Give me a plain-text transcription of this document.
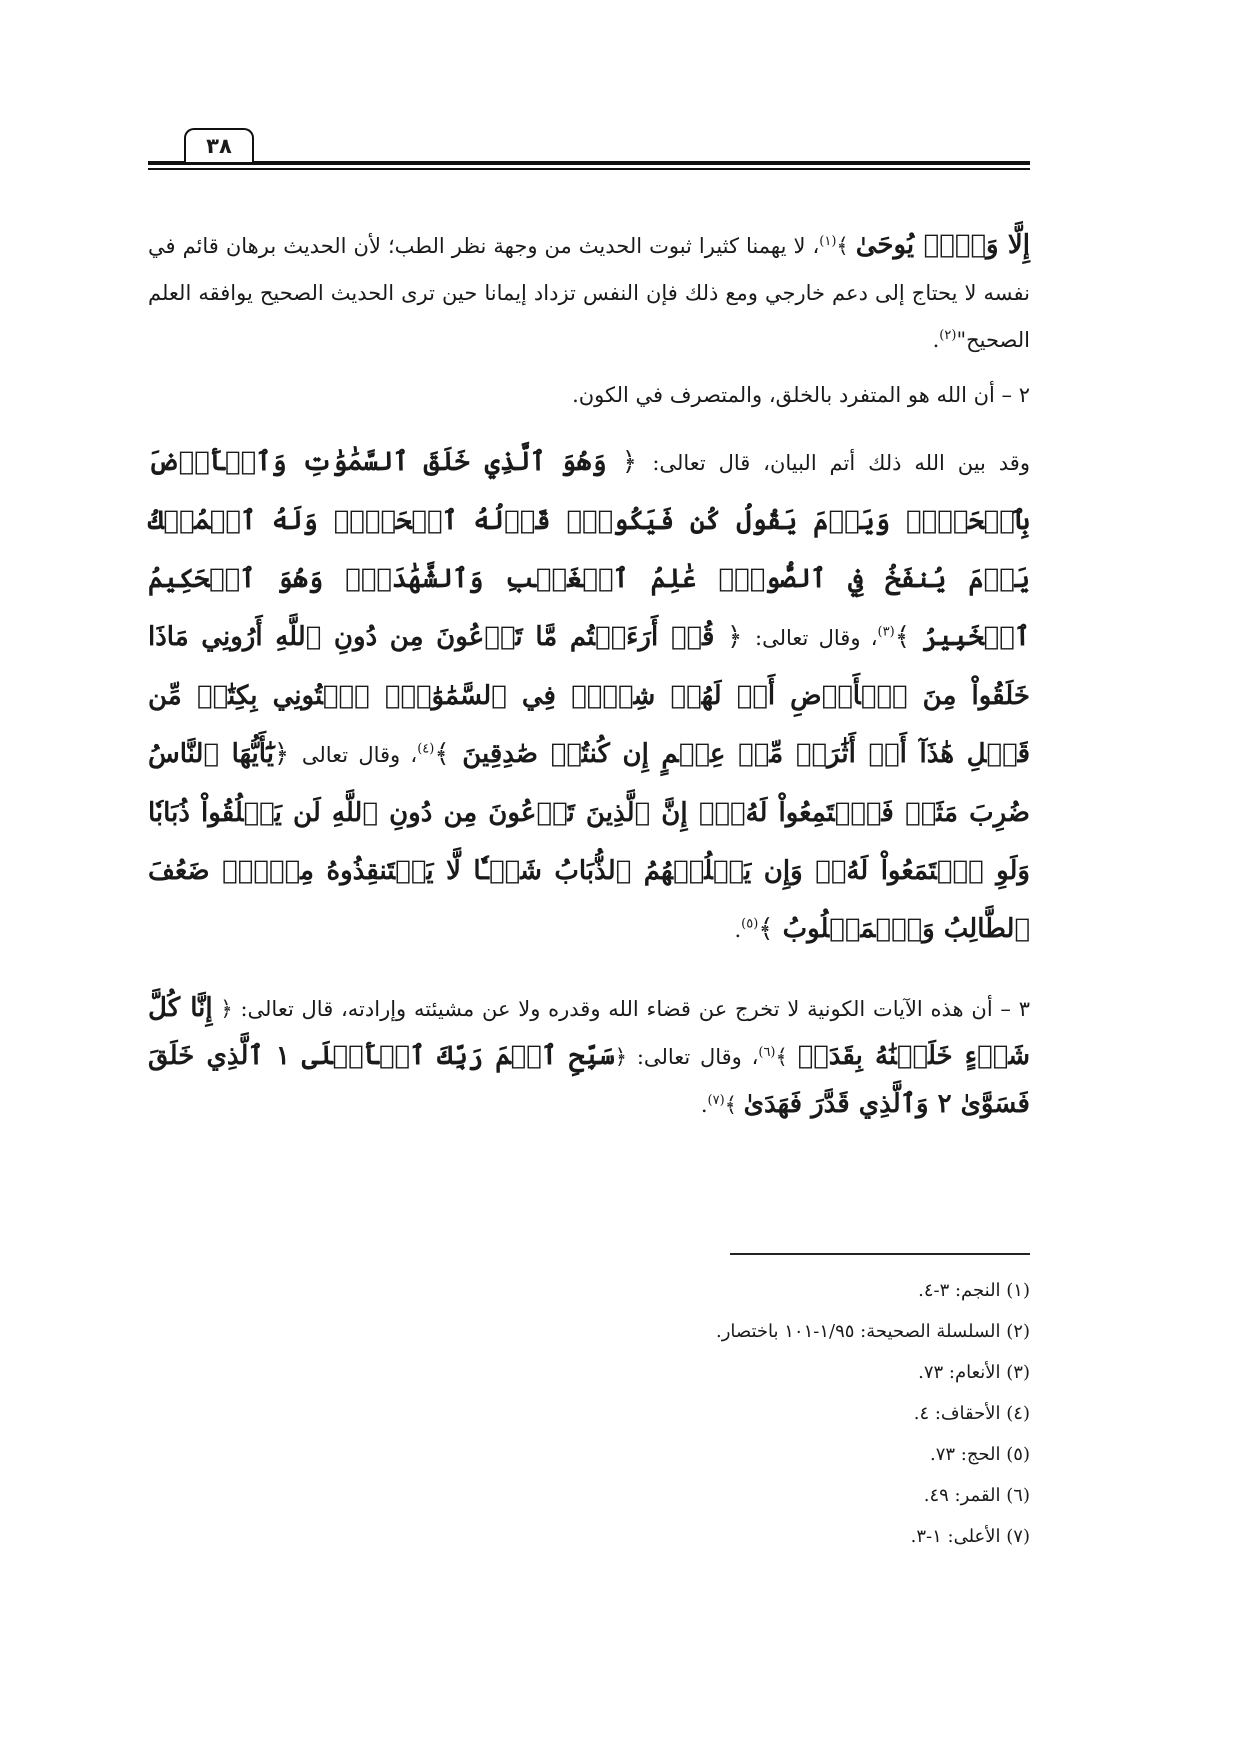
٣٨

إِلَّا وَحۡيٞ يُوحَىٰ ﴾$^{(١)}$، لا يهمنا كثيرا ثبوت الحديث من وجهة نظر الطب؛ لأن الحديث برهان قائم في نفسه لا يحتاج إلى دعم خارجي ومع ذلك فإن النفس تزداد إيمانا حين ترى الحديث الصحيح يوافقه العلم الصحيح"$^{(٢)}$.

٢ – أن الله هو المتفرد بالخلق، والمتصرف في الكون.

وقد بين الله ذلك أتم البيان، قال تعالى: ﴿ وَهُوَ ٱلَّذِي خَلَقَ ٱلسَّمَٰوَٰتِ وَٱلۡأَرۡضَ بِٱلۡحَقِّۖ وَيَوۡمَ يَقُولُ كُن فَيَكُونُۚ قَوۡلُهُ ٱلۡحَقُّۚ وَلَهُ ٱلۡمُلۡكُ يَوۡمَ يُنفَخُ فِي ٱلصُّورِۚ عَٰلِمُ ٱلۡغَيۡبِ وَٱلشَّهَٰدَةِۚ وَهُوَ ٱلۡحَكِيمُ ٱلۡخَبِيرُ ﴾$^{(٣)}$، وقال تعالى: ﴿ قُلۡ أَرَءَيۡتُم مَّا تَدۡعُونَ مِن دُونِ ٱللَّهِ أَرُونِي مَاذَا خَلَقُواْ مِنَ ٱلۡأَرۡضِ أَمۡ لَهُمۡ شِرۡكٞ فِي ٱلسَّمَٰوَٰتِۖ ٱئۡتُونِي بِكِتَٰبٖ مِّن قَبۡلِ هَٰذَآ أَوۡ أَثَٰرَةٖ مِّنۡ عِلۡمٍ إِن كُنتُمۡ صَٰدِقِينَ ﴾$^{(٤)}$، وقال تعالى ﴿يَٰٓأَيُّهَا ٱلنَّاسُ ضُرِبَ مَثَلٞ فَٱسۡتَمِعُواْ لَهُۥٓۚ إِنَّ ٱلَّذِينَ تَدۡعُونَ مِن دُونِ ٱللَّهِ لَن يَخۡلُقُواْ ذُبَابٗا وَلَوِ ٱجۡتَمَعُواْ لَهُۥۖ وَإِن يَسۡلُبۡهُمُ ٱلذُّبَابُ شَيۡـٔٗا لَّا يَسۡتَنقِذُوهُ مِنۡهُۚ ضَعُفَ ٱلطَّالِبُ وَٱلۡمَطۡلُوبُ ﴾$^{(٥)}$.

٣ – أن هذه الآيات الكونية لا تخرج عن قضاء الله وقدره ولا عن مشيئته وإرادته، قال تعالى: ﴿ إِنَّا كُلَّ شَيۡءٍ خَلَقۡنَٰهُ بِقَدَرٖ ﴾$^{(٦)}$، وقال تعالى: ﴿سَبِّحِ ٱسۡمَ رَبِّكَ ٱلۡأَعۡلَى ١ ٱلَّذِي خَلَقَ فَسَوَّىٰ ٢ وَٱلَّذِي قَدَّرَ فَهَدَىٰ ﴾$^{(٧)}$.

(١) النجم: ٣-٤.

(٢) السلسلة الصحيحة: ١/٩٥-١٠١ باختصار.

(٣) الأنعام: ٧٣.

(٤) الأحقاف: ٤.

(٥) الحج: ٧٣.

(٦) القمر: ٤٩.

(٧) الأعلى: ١-٣.
